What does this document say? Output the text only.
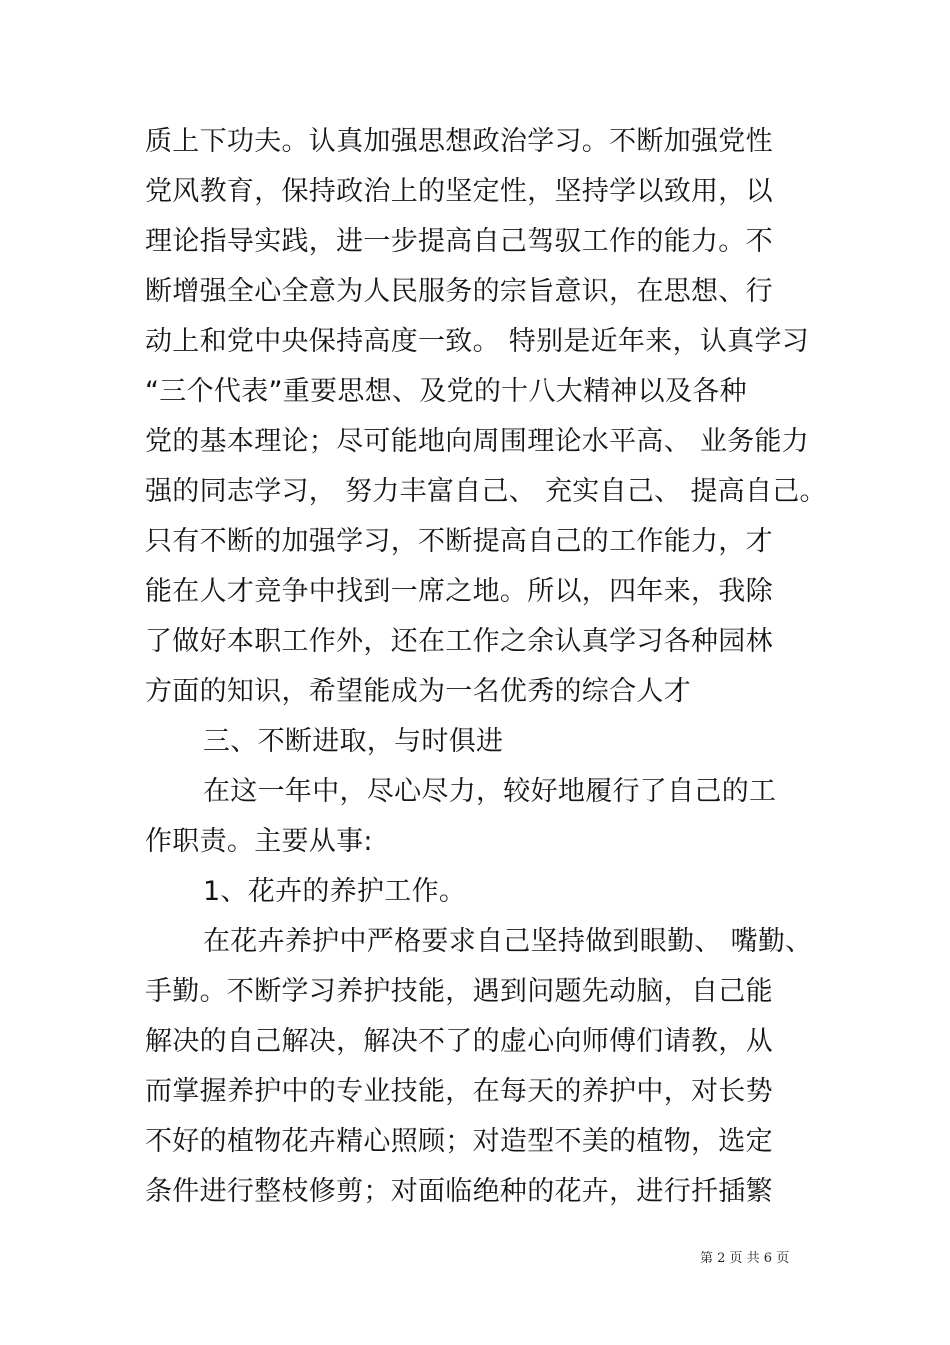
质上下功夫。认真加强思想政治学习。不断加强党性
党风教育，保持政治上的坚定性，坚持学以致用，以
理论指导实践，进一步提高自己驾驭工作的能力。不
断增强全心全意为人民服务的宗旨意识，在思想、行
动上和党中央保持高度一致。 特别是近年来，认真学习
“三个代表”重要思想、及党的十八大精神以及各种
党的基本理论；尽可能地向周围理论水平高、 业务能力
强的同志学习， 努力丰富自己、 充实自己、 提高自己。
只有不断的加强学习，不断提高自己的工作能力，才
能在人才竞争中找到一席之地。所以，四年来，我除
了做好本职工作外，还在工作之余认真学习各种园林
方面的知识，希望能成为一名优秀的综合人才
三、不断进取，与时俱进
在这一年中，尽心尽力，较好地履行了自己的工
作职责。主要从事:
1、花卉的养护工作。
在花卉养护中严格要求自己坚持做到眼勤、 嘴勤、
手勤。不断学习养护技能，遇到问题先动脑，自己能
解决的自己解决，解决不了的虚心向师傅们请教，从
而掌握养护中的专业技能，在每天的养护中，对长势
不好的植物花卉精心照顾；对造型不美的植物，选定
条件进行整枝修剪；对面临绝种的花卉，进行扦插繁
第 2 页 共 6 页
